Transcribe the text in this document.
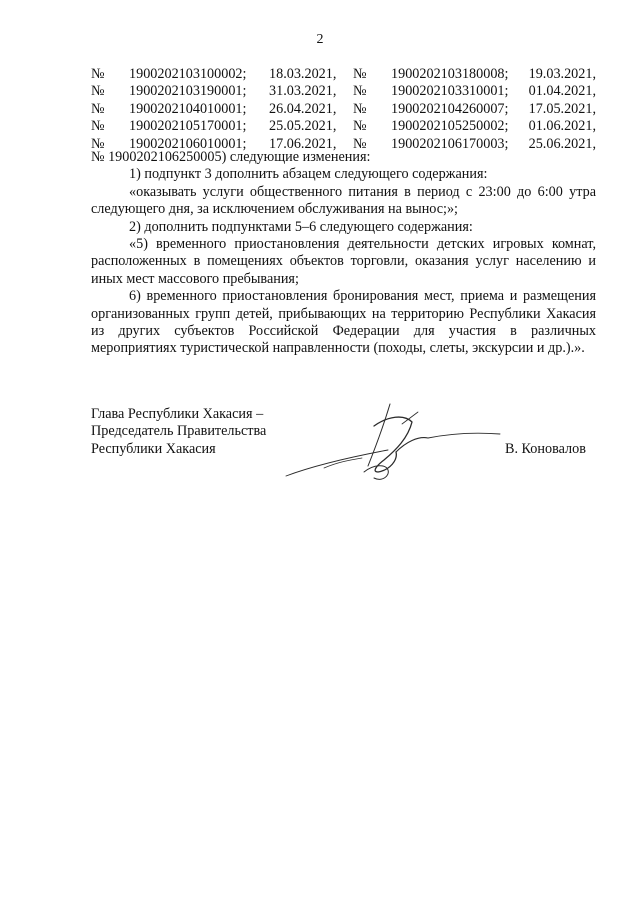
2
№ 1900202103100002; 18.03.2021, № 1900202103180008; 19.03.2021,
№ 1900202103190001; 31.03.2021, № 1900202103310001; 01.04.2021,
№ 1900202104010001; 26.04.2021, № 1900202104260007; 17.05.2021,
№ 1900202105170001; 25.05.2021, № 1900202105250002; 01.06.2021,
№ 1900202106010001; 17.06.2021, № 1900202106170003; 25.06.2021,
№ 1900202106250005) следующие изменения:

1) подпункт 3 дополнить абзацем следующего содержания:

«оказывать услуги общественного питания в период с 23:00 до 6:00 утра следующего дня, за исключением обслуживания на вынос;»;

2) дополнить подпунктами 5–6 следующего содержания:

«5) временного приостановления деятельности детских игровых комнат, расположенных в помещениях объектов торговли, оказания услуг населению и иных мест массового пребывания;

6) временного приостановления бронирования мест, приема и размещения организованных групп детей, прибывающих на территорию Республики Хакасия из других субъектов Российской Федерации для участия в различных мероприятиях туристической направленности (походы, слеты, экскурсии и др.).».

Глава Республики Хакасия –
Председатель Правительства
Республики Хакасия	В. Коновалов
